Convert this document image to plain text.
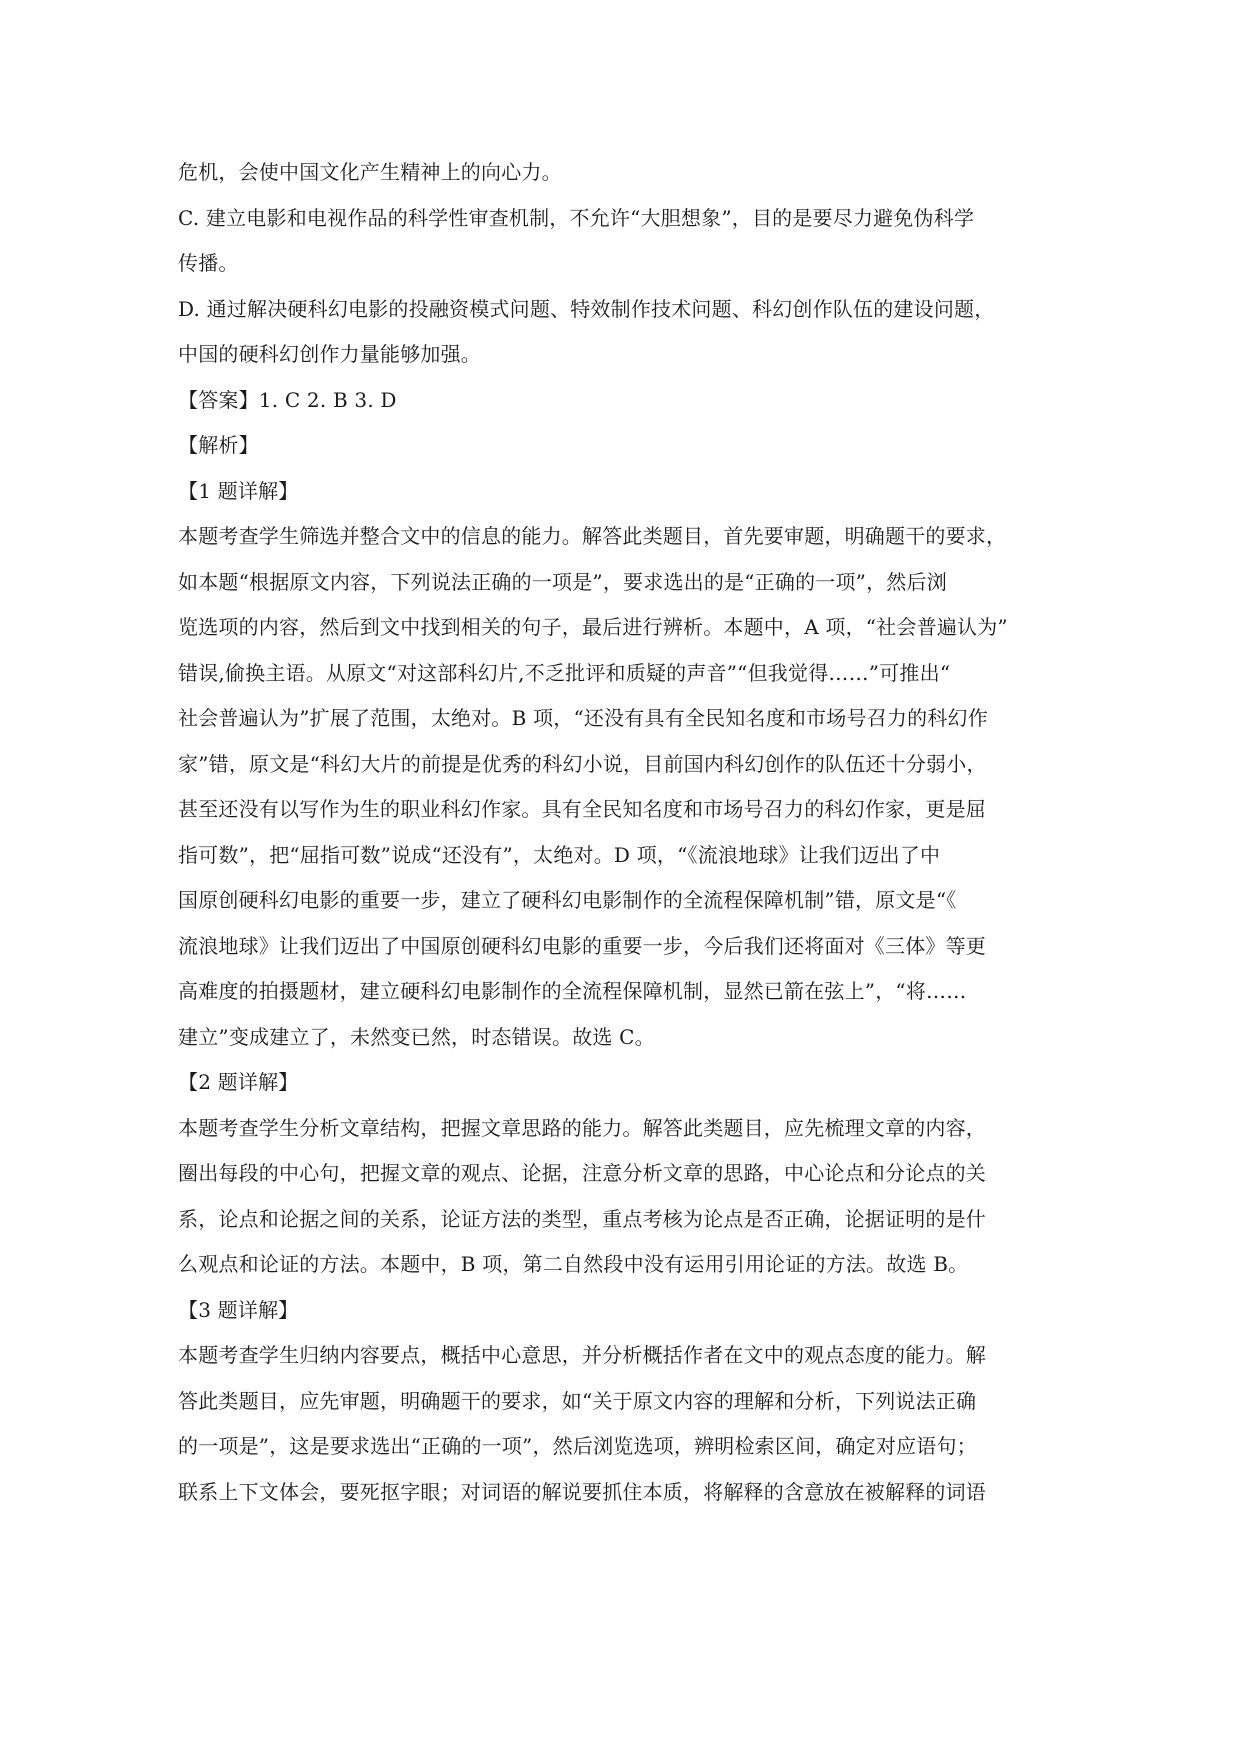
危机，会使中国文化产生精神上的向心力。
C. 建立电影和电视作品的科学性审查机制，不允许“大胆想象”，目的是要尽力避免伪科学
传播。
D. 通过解决硬科幻电影的投融资模式问题、特效制作技术问题、科幻创作队伍的建设问题，
中国的硬科幻创作力量能够加强。
【答案】1. C 2. B 3. D
【解析】
【1 题详解】
本题考查学生筛选并整合文中的信息的能力。解答此类题目，首先要审题，明确题干的要求，
如本题“根据原文内容，下列说法正确的一项是”，要求选出的是“正确的一项”，然后浏
览选项的内容，然后到文中找到相关的句子，最后进行辨析。本题中，A 项，“社会普遍认为”
错误,偷换主语。从原文“对这部科幻片,不乏批评和质疑的声音”“但我觉得……”可推出“
社会普遍认为”扩展了范围，太绝对。B 项，“还没有具有全民知名度和市场号召力的科幻作
家”错，原文是“科幻大片的前提是优秀的科幻小说，目前国内科幻创作的队伍还十分弱小，
甚至还没有以写作为生的职业科幻作家。具有全民知名度和市场号召力的科幻作家，更是屈
指可数”，把“屈指可数”说成“还没有”，太绝对。D 项，“《流浪地球》让我们迈出了中
国原创硬科幻电影的重要一步，建立了硬科幻电影制作的全流程保障机制”错，原文是“《
流浪地球》让我们迈出了中国原创硬科幻电影的重要一步，今后我们还将面对《三体》等更
高难度的拍摄题材，建立硬科幻电影制作的全流程保障机制，显然已箭在弦上”，“将……
建立”变成建立了，未然变已然，时态错误。故选 C。
【2 题详解】
本题考查学生分析文章结构，把握文章思路的能力。解答此类题目，应先梳理文章的内容，
圈出每段的中心句，把握文章的观点、论据，注意分析文章的思路，中心论点和分论点的关
系，论点和论据之间的关系，论证方法的类型，重点考核为论点是否正确，论据证明的是什
么观点和论证的方法。本题中，B 项，第二自然段中没有运用引用论证的方法。故选 B。
【3 题详解】
本题考查学生归纳内容要点，概括中心意思，并分析概括作者在文中的观点态度的能力。解
答此类题目，应先审题，明确题干的要求，如“关于原文内容的理解和分析，下列说法正确
的一项是”，这是要求选出“正确的一项”，然后浏览选项，辨明检索区间，确定对应语句；
联系上下文体会，要死抠字眼；对词语的解说要抓住本质，将解释的含意放在被解释的词语
